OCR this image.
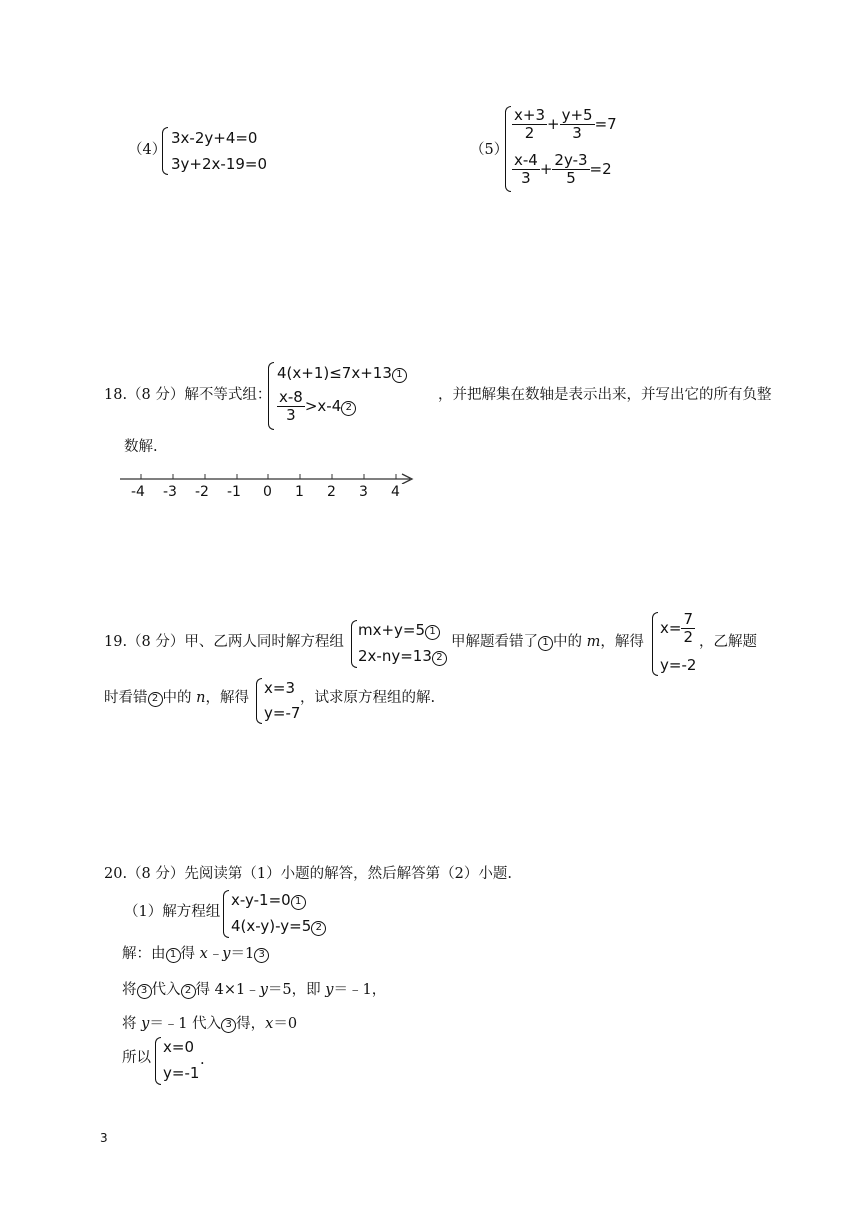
（4）
3x-2y+4=0
3y+2x-19=0
（5）
$\frac{x+3}{2} + \frac{y+5}{3} =7$
$\frac{x-4}{3} + \frac{2y-3}{5} =2$
18.（8 分）解不等式组：
4(x+1)≤7x+13 1
$\frac{x-8}{3} >x-4$ 2
，并把解集在数轴是表示出来，并写出它的所有负整
数解.
-4 -3 -2 -1 0 1 2 3 4
19.（8 分）甲、乙两人同时解方程组
mx+y=5 1
2x-ny=13 2
甲解题看错了 1 中的 m，解得
$x= \frac{7}{2}$
y=-2
，乙解题
时看错 2 中的 n，解得
x=3
y=-7
，试求原方程组的解.
20.（8 分）先阅读第（1）小题的解答，然后解答第（2）小题.
（1）解方程组
x-y-1=0 1
4(x-y)-y=5 2
解：由 1 得 x﹣y＝1 3
将 3 代入 2 得 4×1﹣y＝5，即 y＝﹣1，
将 y＝﹣1 代入 3 得，x＝0
所以
x=0
y=-1
.
3
